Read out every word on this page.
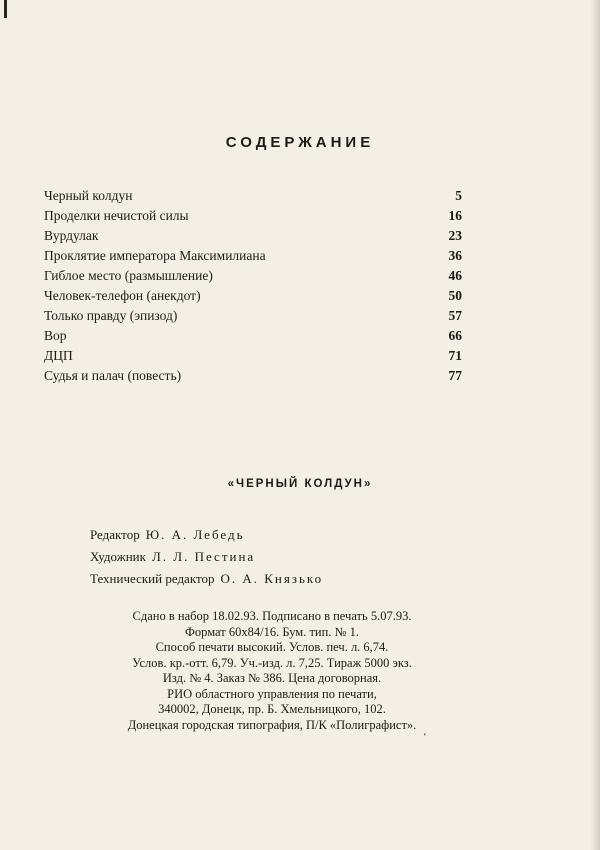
СОДЕРЖАНИЕ
Черный колдун	5
Проделки нечистой силы	16
Вурдулак	23
Проклятие императора Максимилиана	36
Гиблое место (размышление)	46
Человек-телефон (анекдот)	50
Только правду (эпизод)	57
Вор	66
ДЦП	71
Судья и палач (повесть)	77
«ЧЕРНЫЙ КОЛДУН»
Редактор Ю. А. Лебедь
Художник Л. Л. Пестина
Технический редактор О. А. Князько
Сдано в набор 18.02.93. Подписано в печать 5.07.93.
Формат 60х84/16. Бум. тип. № 1.
Способ печати высокий. Услов. печ. л. 6,74.
Услов. кр.-отт. 6,79. Уч.-изд. л. 7,25. Тираж 5000 экз.
Изд. № 4. Заказ № 386. Цена договорная.
РИО областного управления по печати,
340002, Донецк, пр. Б. Хмельницкого, 102.
Донецкая городская типография, П/К «Полиграфист».
ʻ
